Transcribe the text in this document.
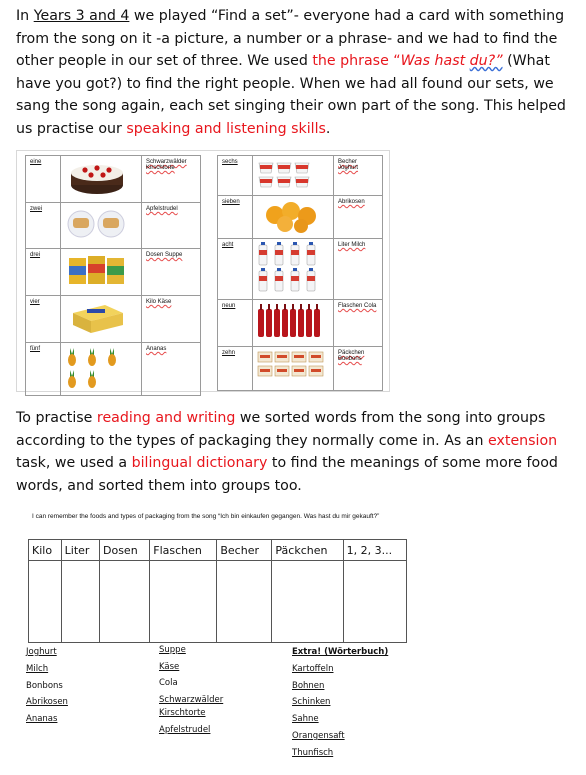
In Years 3 and 4 we played “Find a set”- everyone had a card with something from the song on it -a picture, a number or a phrase- and we had to find the other people in our set of three. We used the phrase “Was hast du?” (What have you got?) to find the right people. When we had all found our sets, we sang the song again, each set singing their own part of the song. This helped us practise our speaking and listening skills.

eine		Schwarzwälder Kirschtorte
zwei		Apfelstrudel
drei		Dosen Suppe
vier		Kilo Käse
fünf		Ananas
sechs		Becher Joghurt
sieben		Abrikosen
acht		Liter Milch
neun		Flaschen Cola
zehn		Päckchen Bonbons

To practise reading and writing we sorted words from the song into groups according to the types of packaging they normally come in. As an extension task, we used a bilingual dictionary to find the meanings of some more food words, and sorted them into groups too.

I can remember the foods and types of packaging from the song “Ich bin einkaufen gegangen. Was hast du mir gekauft?”
Kilo	Liter	Dosen	Flaschen	Becher	Päckchen	1, 2, 3...

Joghurt
Milch
Bonbons
Abrikosen
Ananas
Suppe
Käse
Cola
Schwarzwälder Kirschtorte
Apfelstrudel
Extra! (Wörterbuch)
Kartoffeln
Bohnen
Schinken
Sahne
Orangensaft
Thunfisch
